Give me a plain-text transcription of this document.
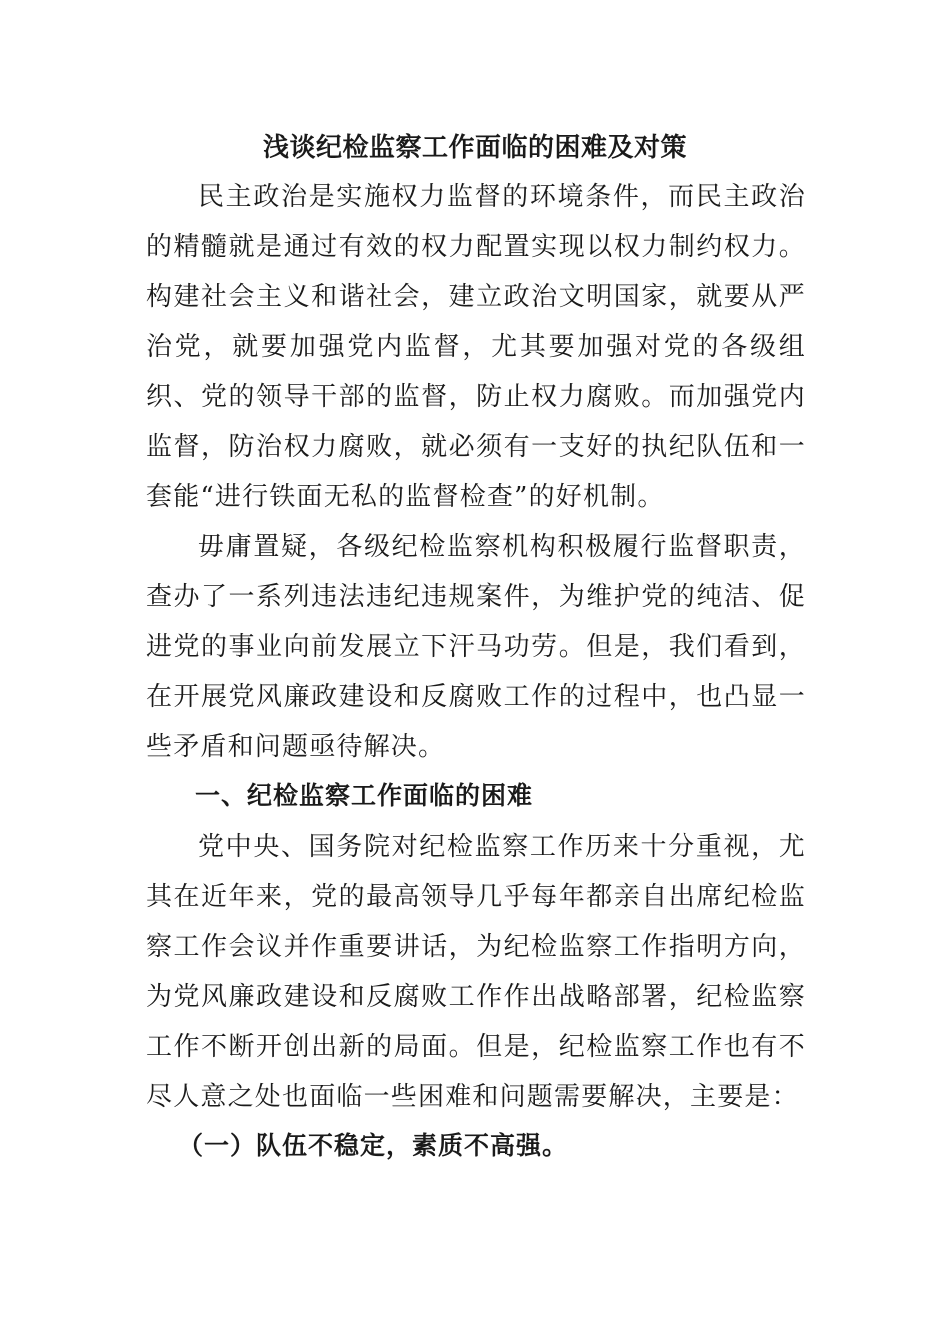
浅谈纪检监察工作面临的困难及对策

民主政治是实施权力监督的环境条件，而民主政治的精髓就是通过有效的权力配置实现以权力制约权力。构建社会主义和谐社会，建立政治文明国家，就要从严治党，就要加强党内监督，尤其要加强对党的各级组织、党的领导干部的监督，防止权力腐败。而加强党内监督，防治权力腐败，就必须有一支好的执纪队伍和一套能“进行铁面无私的监督检查”的好机制。

毋庸置疑，各级纪检监察机构积极履行监督职责，查办了一系列违法违纪违规案件，为维护党的纯洁、促进党的事业向前发展立下汗马功劳。但是，我们看到，在开展党风廉政建设和反腐败工作的过程中，也凸显一些矛盾和问题亟待解决。

一、纪检监察工作面临的困难

党中央、国务院对纪检监察工作历来十分重视，尤其在近年来，党的最高领导几乎每年都亲自出席纪检监察工作会议并作重要讲话，为纪检监察工作指明方向，为党风廉政建设和反腐败工作作出战略部署，纪检监察工作不断开创出新的局面。但是，纪检监察工作也有不尽人意之处也面临一些困难和问题需要解决，主要是：

（一）队伍不稳定，素质不高强。
